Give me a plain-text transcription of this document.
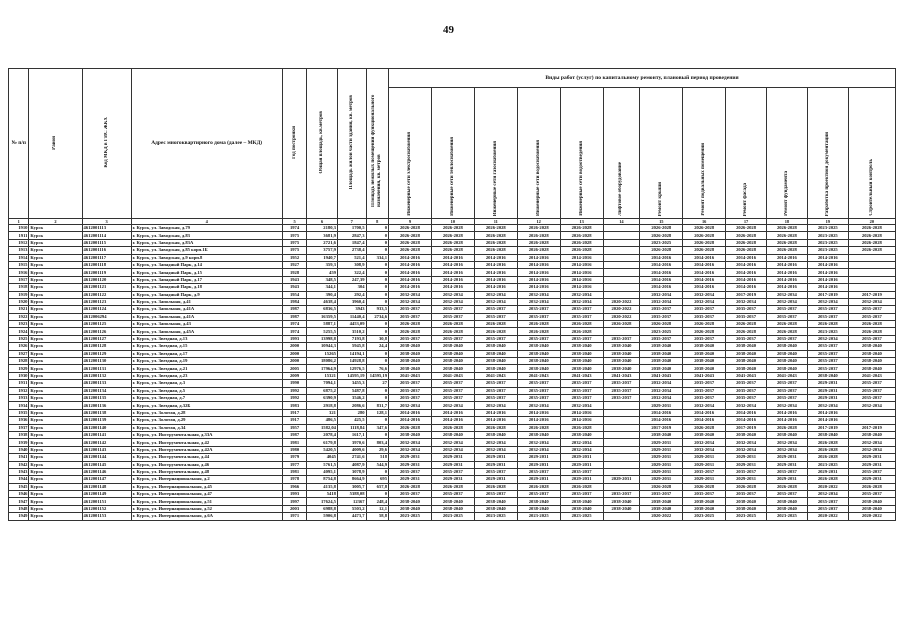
49
№ п/п	Район	Код МКД в ГИС ЖКХ	Адрес многоквартирного дома (далее – МКД)	Год постройки	Общая площадь, кв.метров	Площадь жилой части здания, кв. метров	Площадь нежилых помещений функционального назначения, кв. метров	Виды работ (услуг) по капитальному ремонту, плановый период проведения											
								Инженерные сети электроснабжения	Инженерные сети теплоснабжения	Инженерные сети газоснабжения	Инженерные сети водоснабжения	Инженерные сети водоотведения	Лифтовое оборудование	Ремонт крыши	Ремонт подвальных помещений	Ремонт фасада	Ремонт фундамента	Разработка проектной документации	Строительный контроль
1	2	3	4	5	6	7	8	9	10	11	12	13	14	15	16	17	18	19	20
1910	Курск	4612001113	г. Курск, ул. Заводская, д.79	1974	2180,3	1700,5	0	2026-2028	2026-2028	2026-2028	2026-2028	2026-2028		2026-2028	2026-2028	2026-2028	2026-2028	2023-2025	2026-2028
1911	Курск	4612001114	г. Курск, ул. Заводская, д.83	1975	3681,9	2847,3	0	2026-2028	2026-2028	2026-2028	2026-2028	2026-2028		2026-2028	2026-2028	2026-2028	2026-2028	2023-2025	2026-2028
1912	Курск	4612001115	г. Курск, ул. Заводская, д.83А	1975	2721,6	1847,4	0	2026-2028	2026-2028	2026-2028	2026-2028	2026-2028		2023-2025	2026-2028	2026-2028	2026-2028	2023-2025	2026-2028
1913	Курск	4612001116	г. Курск, ул. Заводская, д.85 корп.1Б	1975	3757,9	2738,4	0	2026-2028	2026-2028	2026-2028	2026-2028	2026-2028		2026-2028	2026-2028	2026-2028	2026-2028	2023-2025	2026-2028
1914	Курск	4612001117	г. Курск, ул. Заводская, д.9 корп.8	1952	1940,7	521,4	334,1	2014-2016	2014-2016	2014-2016	2014-2016	2014-2016		2014-2016	2014-2016	2014-2016	2014-2016	2014-2016	
1915	Курск	4612001118	г. Курск, ул. Западный Парк, д.14	1927	359,3	308,9	0	2014-2016	2014-2016	2014-2016	2014-2016	2014-2016		2014-2016	2014-2016	2014-2016	2014-2016	2014-2016	
1916	Курск	4612001119	г. Курск, ул. Западный Парк, д.15	1928	459	322,4	0	2014-2016	2014-2016	2014-2016	2014-2016	2014-2016		2014-2016	2014-2016	2014-2016	2014-2016	2014-2016	
1917	Курск	4612001120	г. Курск, ул. Западный Парк, д.17	1943	348,5	247,39	0	2014-2016	2014-2016	2014-2016	2014-2016	2014-2016		2014-2016	2014-2016	2014-2016	2014-2016	2014-2016	
1918	Курск	4612001121	г. Курск, ул. Западный Парк, д.18	1943	344,1	304	0	2014-2016	2014-2016	2014-2016	2014-2016	2014-2016		2014-2016	2014-2016	2014-2016	2014-2016	2014-2016	
1919	Курск	4612001122	г. Курск, ул. Западный Парк, д.9	1954	390,4	292,4	0	2032-2034	2032-2034	2032-2034	2032-2034	2032-2034		2032-2034	2032-2034	2017-2019	2032-2034	2017-2019	2017-2019
1920	Курск	4612001123	г. Курск, ул. Запольная, д.41	1984	4638,4	3960,4	0	2032-2034	2032-2034	2032-2034	2032-2034	2032-2034	2020-2022	2032-2034	2032-2034	2032-2034	2032-2034	2032-2034	2032-2034
1921	Курск	4612001124	г. Курск, ул. Запольная, д.41А	1987	6836,5	3943	933,5	2035-2037	2035-2037	2035-2037	2035-2037	2035-2037	2020-2022	2035-2037	2035-2037	2035-2037	2035-2037	2035-2037	2035-2037
1922	Курск	4612006294	г. Курск, ул. Запольная, д.41А	1987	16359,5	11440,4	2734,6	2035-2037	2035-2037	2035-2037	2035-2037	2035-2037	2020-2022	2035-2037	2035-2037	2035-2037	2035-2037	2035-2037	2035-2037
1923	Курск	4612001125	г. Курск, ул. Запольная, д.43	1974	5887,1	4453,09	0	2026-2028	2026-2028	2026-2028	2026-2028	2026-2028	2026-2028	2026-2028	2026-2028	2026-2028	2026-2028	2026-2028	2026-2028
1924	Курск	4612001126	г. Курск, ул. Запольная, д.45А	1974	5255,5	3510,2	0	2026-2028	2026-2028	2026-2028	2026-2028	2026-2028		2023-2025	2026-2028	2026-2028	2026-2028	2023-2025	2026-2028
1925	Курск	4612001127	г. Курск, ул. Звездная, д.13	1993	13998,8	7193,8	30,8	2035-2037	2035-2037	2035-2037	2035-2037	2035-2037	2035-2037	2035-2037	2035-2037	2035-2037	2035-2037	2032-2034	2035-2037
1926	Курск	4612001128	г. Курск, ул. Звездная, д.15	2000	10944,3	5945,8	24,4	2038-2040	2038-2040	2038-2040	2038-2040	2038-2040	2038-2040	2038-2040	2038-2040	2038-2040	2038-2040	2035-2037	2038-2040
1927	Курск	4612001129	г. Курск, ул. Звездная, д.17	2000	15265	14194,1	0	2038-2040	2038-2040	2038-2040	2038-2040	2038-2040	2038-2040	2038-2040	2038-2040	2038-2040	2038-2040	2035-2037	2038-2040
1928	Курск	4612001130	г. Курск, ул. Звездная, д.19	2000	18086,2	14928,8	0	2038-2040	2038-2040	2038-2040	2038-2040	2038-2040	2038-2040	2038-2040	2038-2040	2038-2040	2038-2040	2035-2037	2038-2040
1929	Курск	4612001131	г. Курск, ул. Звездная, д.21	2005	17964,9	12976,5	76,6	2038-2040	2038-2040	2038-2040	2038-2040	2038-2040	2038-2040	2038-2040	2038-2040	2038-2040	2038-2040	2035-2037	2038-2040
1930	Курск	4612001132	г. Курск, ул. Звездная, д.23	2009	15321	14595,19	14595,19	2041-2043	2041-2043	2041-2043	2041-2043	2041-2043	2041-2043	2041-2043	2041-2043	2041-2043	2041-2043	2038-2040	2041-2043
1931	Курск	4612001133	г. Курск, ул. Звездная, д.3	1990	7094,1	3455,3	27	2035-2037	2035-2037	2035-2037	2035-2037	2035-2037	2035-2037	2032-2034	2035-2037	2035-2037	2035-2037	2029-2031	2035-2037
1932	Курск	4612001134	г. Курск, ул. Звездная, д.5	1992	6875,2	5487,8	0	2035-2037	2035-2037	2035-2037	2035-2037	2035-2037	2035-2037	2032-2034	2035-2037	2035-2037	2035-2037	2029-2031	2035-2037
1933	Курск	4612001135	г. Курск, ул. Звездная, д.7	1992	6390,9	3546,2	0	2035-2037	2035-2037	2035-2037	2035-2037	2035-2037	2035-2037	2032-2034	2035-2037	2035-2037	2035-2037	2029-2031	2035-2037
1934	Курск	4612001136	г. Курск, ул. Звездная, д.32Б	1983	2918,8	2086,6	831,7	2032-2034	2032-2034	2032-2034	2032-2034	2032-2034		2029-2031	2032-2034	2032-2034	2032-2034	2032-2034	2032-2034
1935	Курск	4612001138	г. Курск, ул. Золотая, д.28	1917	321	280	128,1	2014-2016	2014-2016	2014-2016	2014-2016	2014-2016		2014-2016	2014-2016	2014-2016	2014-2016	2014-2016	
1936	Курск	4612001139	г. Курск, ул. Золотая, д.29	1917	486,5	425,5	0	2014-2016	2014-2016	2014-2016	2014-2016	2014-2016		2014-2016	2014-2016	2014-2016	2014-2016	2014-2016	
1937	Курск	4612001140	г. Курск, ул. Золотая, д.34	1957	1582,04	1118,84	347,6	2026-2028	2026-2028	2026-2028	2026-2028	2026-2028		2017-2019	2026-2028	2017-2019	2026-2028	2017-2019	2017-2019
1938	Курск	4612001141	г. Курск, ул. Инструментальная, д.33А	1987	2078,4	1617,1	0	2038-2040	2038-2040	2038-2040	2038-2040	2038-2040		2038-2040	2038-2040	2038-2040	2038-2040	2038-2040	2038-2040
1939	Курск	4612001142	г. Курск, ул. Инструментальная, д.42	1981	6179,8	3970,6	803,4	2032-2034	2032-2034	2032-2034	2032-2034	2032-2034		2029-2031	2032-2034	2032-2034	2032-2034	2026-2028	2032-2034
1940	Курск	4612001143	г. Курск, ул. Инструментальная, д.42А	1980	5420,5	4009,6	29,6	2032-2034	2032-2034	2032-2034	2032-2034	2032-2034		2029-2031	2032-2034	2032-2034	2032-2034	2026-2028	2032-2034
1941	Курск	4612001144	г. Курск, ул. Инструментальная, д.44	1979	4045	2741,6	518	2029-2031	2029-2031	2029-2031	2029-2031	2029-2031		2029-2031	2029-2031	2029-2031	2029-2031	2026-2028	2029-2031
1942	Курск	4612001145	г. Курск, ул. Инструментальная, д.46	1977	5761,5	4087,9	544,9	2029-2031	2029-2031	2029-2031	2029-2031	2029-2031		2029-2031	2029-2031	2029-2031	2029-2031	2023-2025	2029-2031
1943	Курск	4612001146	г. Курск, ул. Инструментальная, д.48	1981	4095,1	3078,9	0	2035-2037	2035-2037	2035-2037	2035-2037	2035-2037		2029-2031	2035-2037	2035-2037	2035-2037	2029-2031	2035-2037
1944	Курск	4612001147	г. Курск, ул. Интернациональная, д.2	1978	8754,8	8664,9	695	2029-2031	2029-2031	2029-2031	2029-2031	2029-2031	2029-2031	2029-2031	2029-2031	2029-2031	2029-2031	2026-2028	2029-2031
1945	Курск	4612001148	г. Курск, ул. Интернациональная, д.45	1966	4135,8	3005,7	657,8	2026-2028	2026-2028	2026-2028	2026-2028	2026-2028		2026-2028	2026-2028	2026-2028	2026-2028	2020-2022	2026-2028
1946	Курск	4612001149	г. Курск, ул. Интернациональная, д.47	1993	5418	5388,08	0	2035-2037	2035-2037	2035-2037	2035-2037	2035-2037	2035-2037	2035-2037	2035-2037	2035-2037	2035-2037	2032-2034	2035-2037
1947	Курск	4612001151	г. Курск, ул. Интернациональная, д.51	1997	17624,5	12367	248,4	2038-2040	2038-2040	2038-2040	2038-2040	2038-2040	2038-2040	2038-2040	2038-2040	2038-2040	2038-2040	2035-2037	2038-2040
1948	Курск	4612001152	г. Курск, ул. Интернациональная, д.52	2003	6988,8	5503,2	12,1	2038-2040	2038-2040	2038-2040	2038-2040	2038-2040	2038-2040	2038-2040	2038-2040	2038-2040	2038-2040	2035-2037	2038-2040
1949	Курск	4612001153	г. Курск, ул. Интернациональная, д.6А	1971	5906,8	4473,7	58,8	2023-2025	2023-2025	2023-2025	2023-2025	2023-2025		2020-2022	2023-2025	2023-2025	2023-2025	2020-2022	2020-2022
